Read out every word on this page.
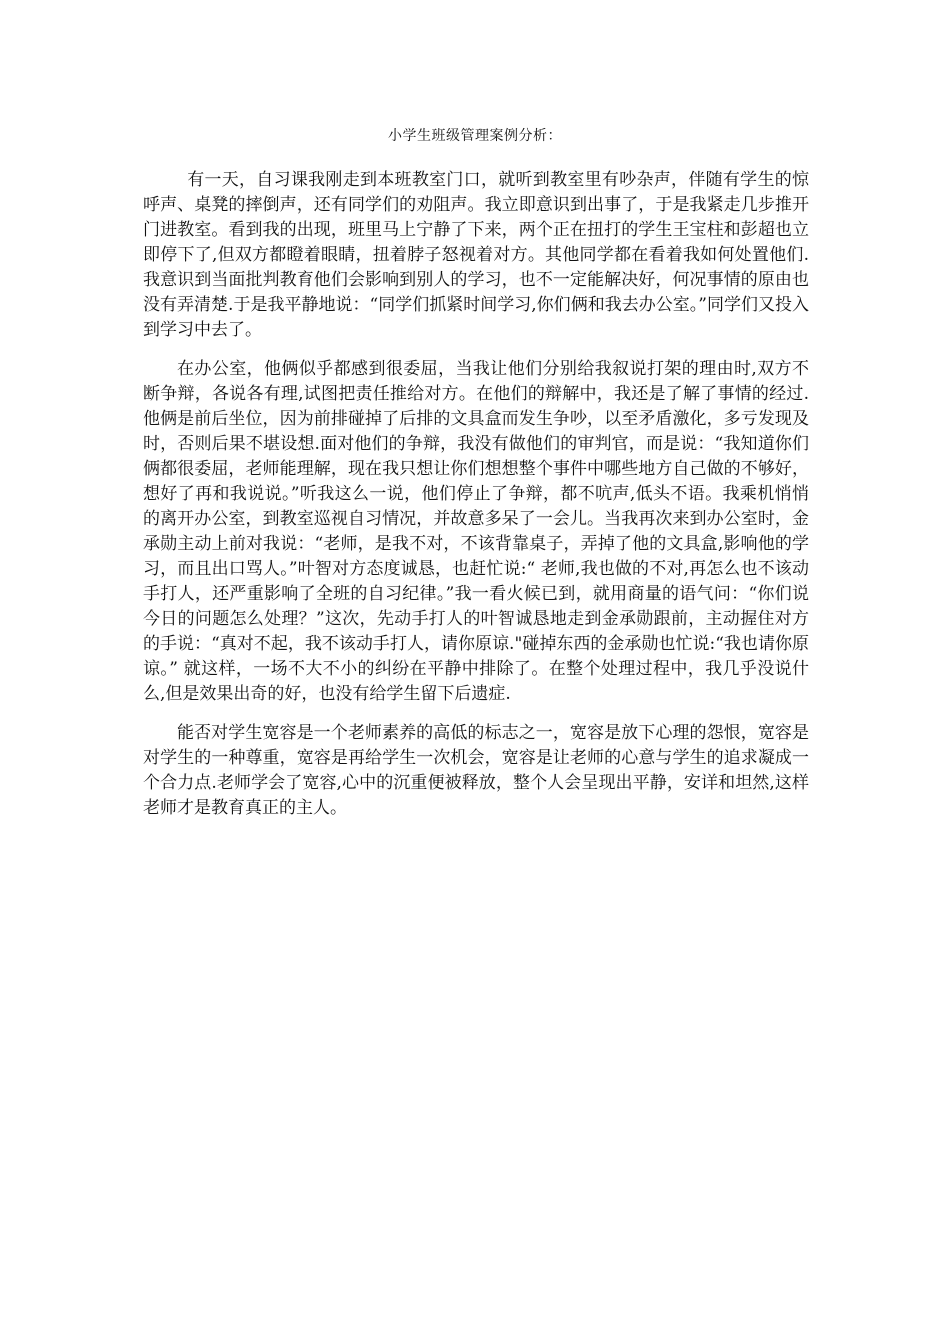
小学生班级管理案例分析：

有一天，自习课我刚走到本班教室门口，就听到教室里有吵杂声，伴随有学生的惊呼声、桌凳的摔倒声，还有同学们的劝阻声。我立即意识到出事了，于是我紧走几步推开门进教室。看到我的出现，班里马上宁静了下来，两个正在扭打的学生王宝柱和彭超也立即停下了,但双方都瞪着眼睛，扭着脖子怒视着对方。其他同学都在看着我如何处置他们.我意识到当面批判教育他们会影响到别人的学习，也不一定能解决好，何况事情的原由也没有弄清楚.于是我平静地说：“同学们抓紧时间学习,你们俩和我去办公室。”同学们又投入到学习中去了。

在办公室，他俩似乎都感到很委屈，当我让他们分别给我叙说打架的理由时,双方不断争辩，各说各有理,试图把责任推给对方。在他们的辩解中，我还是了解了事情的经过.他俩是前后坐位，因为前排碰掉了后排的文具盒而发生争吵，以至矛盾激化，多亏发现及时，否则后果不堪设想.面对他们的争辩，我没有做他们的审判官，而是说：“我知道你们俩都很委屈，老师能理解，现在我只想让你们想想整个事件中哪些地方自己做的不够好，想好了再和我说说。”听我这么一说，他们停止了争辩，都不吭声,低头不语。我乘机悄悄的离开办公室，到教室巡视自习情况，并故意多呆了一会儿。当我再次来到办公室时，金承勋主动上前对我说：“老师，是我不对，不该背靠桌子，弄掉了他的文具盒,影响他的学习，而且出口骂人。”叶智对方态度诚恳，也赶忙说:“ 老师,我也做的不对,再怎么也不该动手打人，还严重影响了全班的自习纪律。”我一看火候已到，就用商量的语气问：“你们说今日的问题怎么处理？”这次，先动手打人的叶智诚恳地走到金承勋跟前，主动握住对方的手说：“真对不起，我不该动手打人，请你原谅."碰掉东西的金承勋也忙说:“我也请你原谅。” 就这样，一场不大不小的纠纷在平静中排除了。在整个处理过程中，我几乎没说什么,但是效果出奇的好，也没有给学生留下后遗症.

能否对学生宽容是一个老师素养的高低的标志之一，宽容是放下心理的怨恨，宽容是对学生的一种尊重，宽容是再给学生一次机会，宽容是让老师的心意与学生的追求凝成一个合力点.老师学会了宽容,心中的沉重便被释放，整个人会呈现出平静，安详和坦然,这样老师才是教育真正的主人。
